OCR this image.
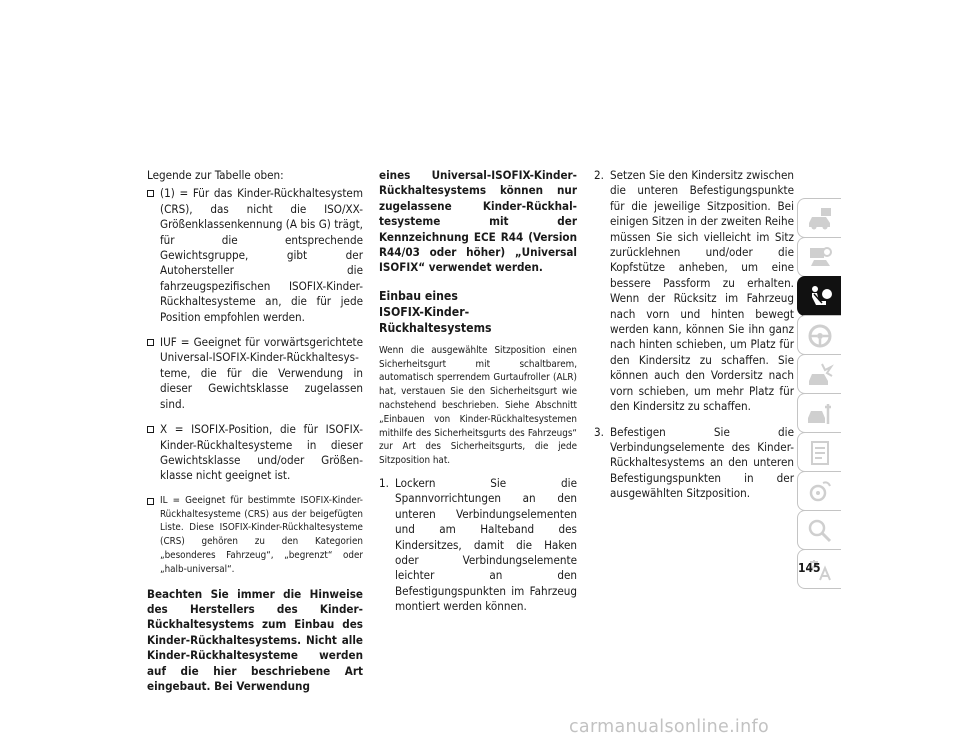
Legende zur Tabelle oben:

(1) = Für das Kinder-Rückhaltesystem (CRS), das nicht die ISO/XX-Größenklassenkennung (A bis G) trägt, für die entsprechende Gewichtsgruppe, gibt der Autohersteller die fahrzeugspezifischen ISOFIX-Kinder-Rückhaltesysteme an, die für jede Position empfohlen werden.
IUF = Geeignet für vorwärtsgerichtete Universal-ISOFIX-Kinder-Rückhaltesysteme, die für die Verwendung in dieser Gewichtsklasse zugelassen sind.
X = ISOFIX-Position, die für ISOFIX-Kinder-Rückhaltesysteme in dieser Gewichtsklasse und/oder Größenklasse nicht geeignet ist.
IL = Geeignet für bestimmte ISOFIX-Kinder-Rückhaltesysteme (CRS) aus der beigefügten Liste. Diese ISOFIX-Kinder-Rückhaltesysteme (CRS) gehören zu den Kategorien „besonderes Fahrzeug“, „begrenzt“ oder „halb-universal“.

Beachten Sie immer die Hinweise des Herstellers des Kinder-Rückhaltesystems zum Einbau des Kinder-Rückhaltesystems. Nicht alle Kinder-Rückhaltesysteme werden auf die hier beschriebene Art eingebaut. Bei Verwendung

eines Universal-ISOFIX-Kinder-Rückhaltesystems können nur zugelassene Kinder-Rückhaltesysteme mit der Kennzeichnung ECE R44 (Version R44/03 oder höher) „Universal ISOFIX“ verwendet werden.

Einbau eines
ISOFIX-Kinder-Rückhaltesystems

Wenn die ausgewählte Sitzposition einen Sicherheitsgurt mit schaltbarem, automatisch sperrendem Gurtaufroller (ALR) hat, verstauen Sie den Sicherheitsgurt wie nachstehend beschrieben. Siehe Abschnitt „Einbauen von Kinder-Rückhaltesystemen mithilfe des Sicherheitsgurts des Fahrzeugs“ zur Art des Sicherheitsgurts, die jede Sitzposition hat.

1. Lockern Sie die Spannvorrichtungen an den unteren Verbindungselementen und am Halteband des Kindersitzes, damit die Haken oder Verbindungselemente leichter an den Befestigungspunkten im Fahrzeug montiert werden können.
2. Setzen Sie den Kindersitz zwischen die unteren Befestigungspunkte für die jeweilige Sitzposition. Bei einigen Sitzen in der zweiten Reihe müssen Sie sich vielleicht im Sitz zurücklehnen und/oder die Kopfstütze anheben, um eine bessere Passform zu erhalten. Wenn der Rücksitz im Fahrzeug nach vorn und hinten bewegt werden kann, können Sie ihn ganz nach hinten schieben, um Platz für den Kindersitz zu schaffen. Sie können auch den Vordersitz nach vorn schieben, um mehr Platz für den Kindersitz zu schaffen.
3. Befestigen Sie die Verbindungselemente des Kinder-Rückhaltesystems an den unteren Befestigungspunkten in der ausgewählten Sitzposition.
145
carmanualsonline.info
